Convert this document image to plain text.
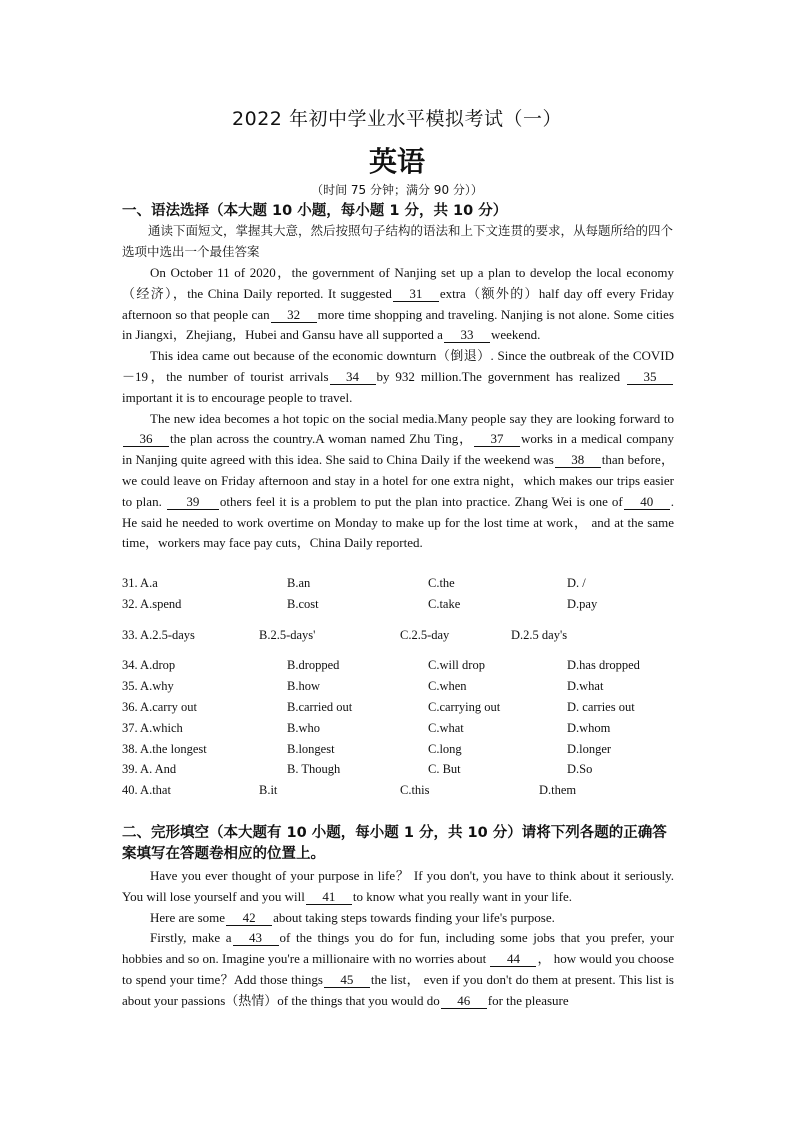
2022 年初中学业水平模拟考试（一）
英语
（时间 75 分钟；满分 90 分））
一、语法选择（本大题 10 小题，每小题 1 分，共 10 分）
通读下面短文，掌握其大意，然后按照句子结构的语法和上下文连贯的要求，从每题所给的四个选项中选出一个最佳答案

On October 11 of 2020，the government of Nanjing set up a plan to develop the local economy（经济），the China Daily reported. It suggested 31 extra（额外的）half day off every Friday afternoon so that people can 32 more time shopping and traveling. Nanjing is not alone. Some cities in Jiangxi，Zhejiang，Hubei and Gansu have all supported a 33 weekend.

This idea came out because of the economic downturn（倒退）. Since the outbreak of the COVID－19，the number of tourist arrivals 34 by 932 million.The government has realized 35important it is to encourage people to travel.

The new idea becomes a hot topic on the social media.Many people say they are looking forward to36 the plan across the country.A woman named Zhu Ting， 37 works in a medical company in Nanjing quite agreed with this idea. She said to China Daily if the weekend was 38 than before， we could leave on Friday afternoon and stay in a hotel for one extra night，which makes our trips easier to plan. 39 others feel it is a problem to put the plan into practice. Zhang Wei is one of 40 . He said he needed to work overtime on Monday to make up for the lost time at work， and at the same time，workers may face pay cuts，China Daily reported.

31. A.a	B.an	C.the	D. /
32. A.spend	B.cost	C.take	D.pay
33. A.2.5-days	B.2.5-days'	C.2.5-day	D.2.5 day's
34. A.drop	B.dropped	C.will drop	D.has dropped
35. A.why	B.how	C.when	D.what
36. A.carry out	B.carried out	C.carrying out	D. carries out
37. A.which	B.who	C.what	D.whom
38. A.the longest	B.longest	C.long	D.longer
39. A. And	B. Though	C. But	D.So
40. A.that	B.it	C.this	D.them
二、完形填空（本大题有 10 小题，每小题 1 分，共 10 分）请将下列各题的正确答案填写在答题卷相应的位置上。

Have you ever thought of your purpose in life？ If you don't, you have to think about it seriously. You will lose yourself and you will 41 to know what you really want in your life.

Here are some 42 about taking steps towards finding your life's purpose.

Firstly, make a 43 of the things you do for fun, including some jobs that you prefer, your hobbies and so on. Imagine you're a millionaire with no worries about 44 ， how would you choose to spend your time？Add those things 45 the list， even if you don't do them at present. This list is about your passions（热情）of the things that you would do 46 for the pleasure
